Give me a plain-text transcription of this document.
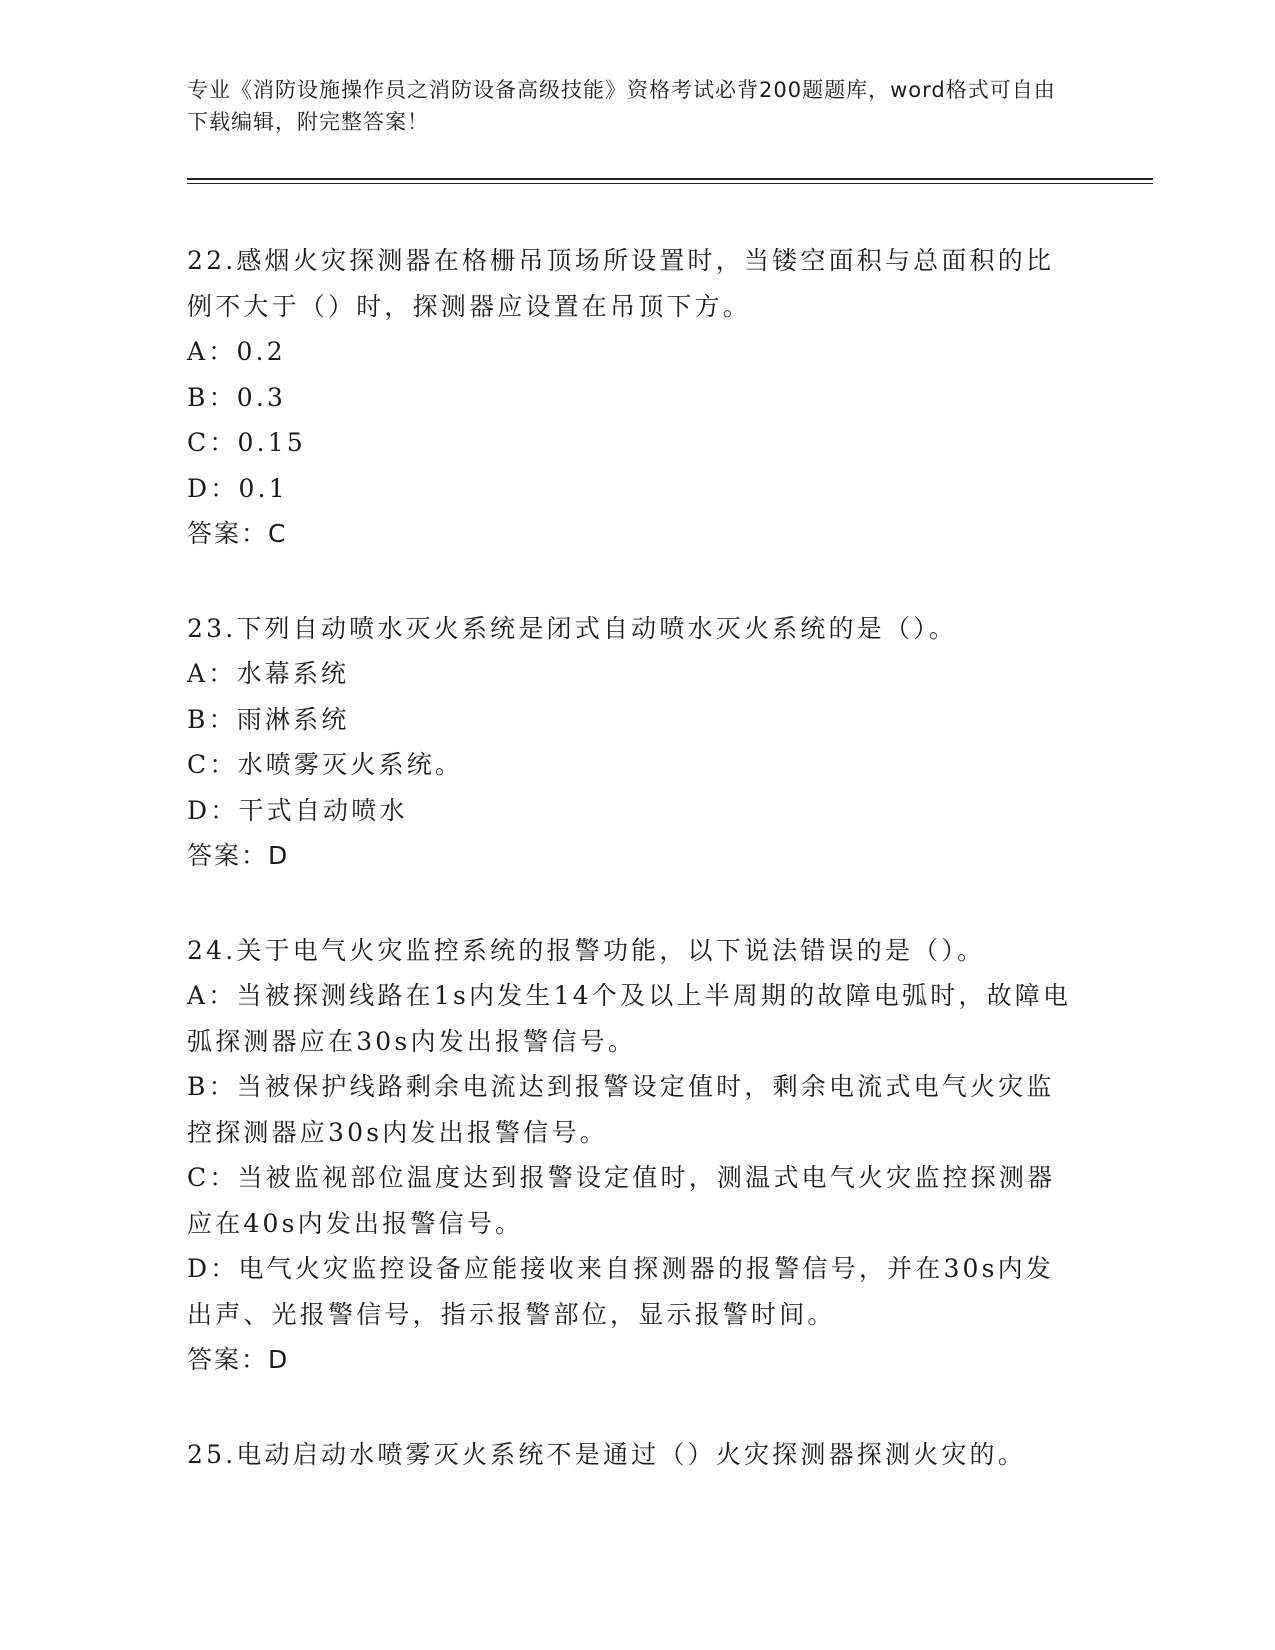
专业《消防设施操作员之消防设备高级技能》资格考试必背200题题库，word格式可自由下载编辑，附完整答案！
22.感烟火灾探测器在格栅吊顶场所设置时，当镂空面积与总面积的比例不大于（）时，探测器应设置在吊顶下方。
A：0.2
B：0.3
C：0.15
D：0.1
答案：C
23.下列自动喷水灭火系统是闭式自动喷水灭火系统的是（）。
A：水幕系统
B：雨淋系统
C：水喷雾灭火系统。
D：干式自动喷水
答案：D
24.关于电气火灾监控系统的报警功能，以下说法错误的是（）。
A：当被探测线路在1s内发生14个及以上半周期的故障电弧时，故障电弧探测器应在30s内发出报警信号。
B：当被保护线路剩余电流达到报警设定值时，剩余电流式电气火灾监控探测器应30s内发出报警信号。
C：当被监视部位温度达到报警设定值时，测温式电气火灾监控探测器应在40s内发出报警信号。
D：电气火灾监控设备应能接收来自探测器的报警信号，并在30s内发出声、光报警信号，指示报警部位，显示报警时间。
答案：D
25.电动启动水喷雾灭火系统不是通过（）火灾探测器探测火灾的。
